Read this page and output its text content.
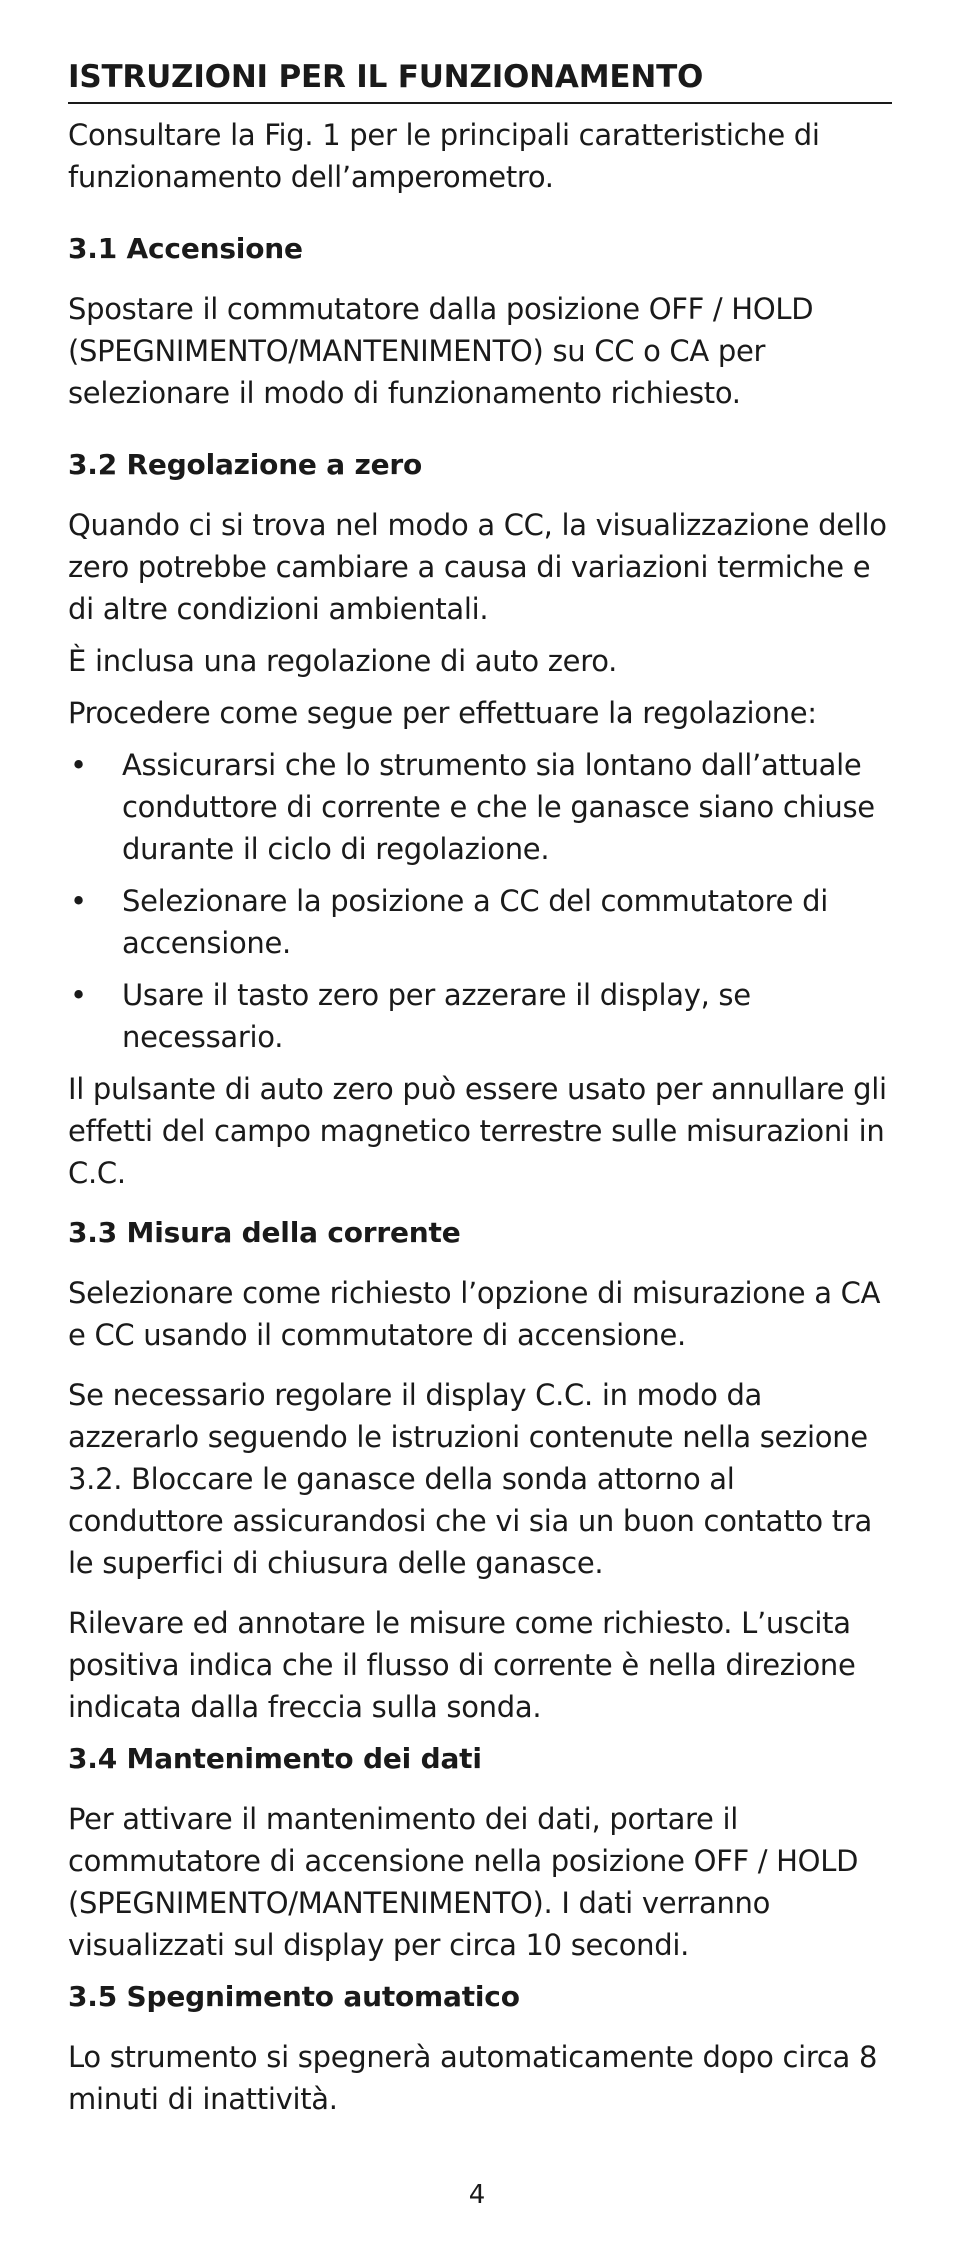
ISTRUZIONI PER IL FUNZIONAMENTO

Consultare la Fig. 1 per le principali caratteristiche di funzionamento dell’amperometro.

3.1 Accensione

Spostare il commutatore dalla posizione OFF / HOLD (SPEGNIMENTO/MANTENIMENTO) su CC o CA per selezionare il modo di funzionamento richiesto.

3.2 Regolazione a zero

Quando ci si trova nel modo a CC, la visualizzazione dello zero potrebbe cambiare a causa di variazioni termiche e di altre condizioni ambientali.

È inclusa una regolazione di auto zero.

Procedere come segue per effettuare la regolazione:

• Assicurarsi che lo strumento sia lontano dall’attuale conduttore di corrente e che le ganasce siano chiuse durante il ciclo di regolazione.
• Selezionare la posizione a CC del commutatore di accensione.
• Usare il tasto zero per azzerare il display, se necessario.

Il pulsante di auto zero può essere usato per annullare gli effetti del campo magnetico terrestre sulle misurazioni in C.C.

3.3 Misura della corrente

Selezionare come richiesto l’opzione di misurazione a CA e CC usando il commutatore di accensione.

Se necessario regolare il display C.C. in modo da azzerarlo seguendo le istruzioni contenute nella sezione 3.2. Bloccare le ganasce della sonda attorno al conduttore assicurandosi che vi sia un buon contatto tra le superfici di chiusura delle ganasce.

Rilevare ed annotare le misure come richiesto. L’uscita positiva indica che il flusso di corrente è nella direzione indicata dalla freccia sulla sonda.

3.4 Mantenimento dei dati

Per attivare il mantenimento dei dati, portare il commutatore di accensione nella posizione OFF / HOLD (SPEGNIMENTO/MANTENIMENTO). I dati verranno visualizzati sul display per circa 10 secondi.

3.5 Spegnimento automatico

Lo strumento si spegnerà automaticamente dopo circa 8 minuti di inattività.

4
